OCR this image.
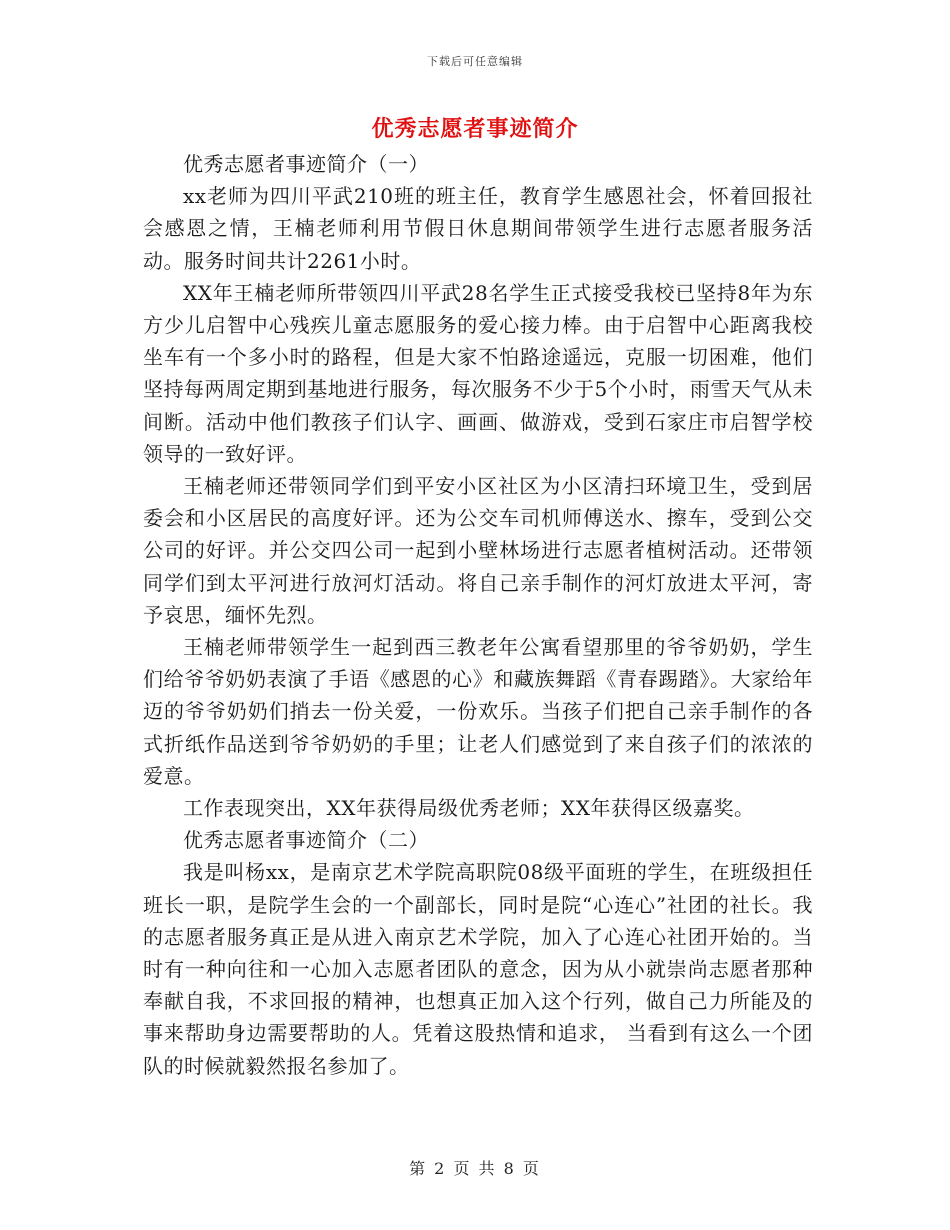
下载后可任意编辑
优秀志愿者事迹简介

优秀志愿者事迹简介（一）

xx老师为四川平武210班的班主任，教育学生感恩社会，怀着回报社会感恩之情，王楠老师利用节假日休息期间带领学生进行志愿者服务活动。服务时间共计2261小时。

XX年王楠老师所带领四川平武28名学生正式接受我校已坚持8年为东方少儿启智中心残疾儿童志愿服务的爱心接力棒。由于启智中心距离我校坐车有一个多小时的路程，但是大家不怕路途遥远，克服一切困难，他们坚持每两周定期到基地进行服务，每次服务不少于5个小时，雨雪天气从未间断。活动中他们教孩子们认字、画画、做游戏，受到石家庄市启智学校领导的一致好评。

王楠老师还带领同学们到平安小区社区为小区清扫环境卫生，受到居委会和小区居民的高度好评。还为公交车司机师傅送水、擦车，受到公交公司的好评。并公交四公司一起到小壁林场进行志愿者植树活动。还带领同学们到太平河进行放河灯活动。将自己亲手制作的河灯放进太平河，寄予哀思，缅怀先烈。

王楠老师带领学生一起到西三教老年公寓看望那里的爷爷奶奶，学生们给爷爷奶奶表演了手语《感恩的心》和藏族舞蹈《青春踢踏》。大家给年迈的爷爷奶奶们捎去一份关爱，一份欢乐。当孩子们把自己亲手制作的各式折纸作品送到爷爷奶奶的手里；让老人们感觉到了来自孩子们的浓浓的爱意。

工作表现突出，XX年获得局级优秀老师；XX年获得区级嘉奖。

优秀志愿者事迹简介（二）

我是叫杨xx，是南京艺术学院高职院08级平面班的学生，在班级担任班长一职，是院学生会的一个副部长，同时是院“心连心”社团的社长。我的志愿者服务真正是从进入南京艺术学院，加入了心连心社团开始的。当时有一种向往和一心加入志愿者团队的意念，因为从小就崇尚志愿者那种奉献自我，不求回报的精神，也想真正加入这个行列，做自己力所能及的事来帮助身边需要帮助的人。凭着这股热情和追求， 当看到有这么一个团队的时候就毅然报名参加了。

第 2 页 共 8 页
